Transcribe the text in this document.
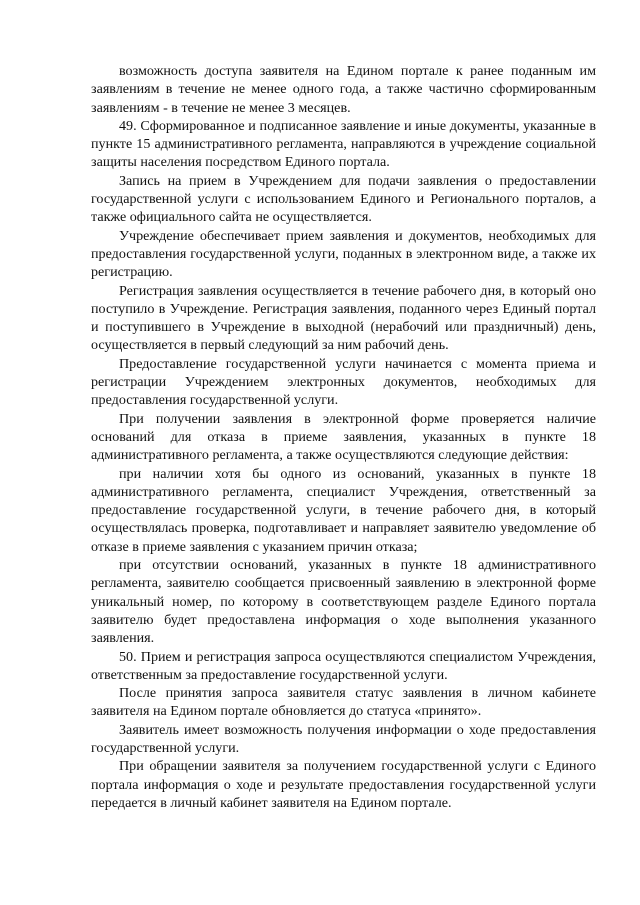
возможность доступа заявителя на Едином портале к ранее поданным им заявлениям в течение не менее одного года, а также частично сформированным заявлениям - в течение не менее 3 месяцев.

49. Сформированное и подписанное заявление и иные документы, указанные в пункте 15 административного регламента, направляются в учреждение социальной защиты населения посредством Единого портала.

Запись на прием в Учреждением для подачи заявления о предоставлении государственной услуги с использованием Единого и Регионального порталов, а также официального сайта не осуществляется.

Учреждение обеспечивает прием заявления и документов, необходимых для предоставления государственной услуги, поданных в электронном виде, а также их регистрацию.

Регистрация заявления осуществляется в течение рабочего дня, в который оно поступило в Учреждение. Регистрация заявления, поданного через Единый портал и поступившего в Учреждение в выходной (нерабочий или праздничный) день, осуществляется в первый следующий за ним рабочий день.

Предоставление государственной услуги начинается с момента приема и регистрации Учреждением электронных документов, необходимых для предоставления государственной услуги.

При получении заявления в электронной форме проверяется наличие оснований для отказа в приеме заявления, указанных в пункте 18 административного регламента, а также осуществляются следующие действия:

при наличии хотя бы одного из оснований, указанных в пункте 18 административного регламента, специалист Учреждения, ответственный за предоставление государственной услуги, в течение рабочего дня, в который осуществлялась проверка, подготавливает и направляет заявителю уведомление об отказе в приеме заявления с указанием причин отказа;

при отсутствии оснований, указанных в пункте 18 административного регламента, заявителю сообщается присвоенный заявлению в электронной форме уникальный номер, по которому в соответствующем разделе Единого портала заявителю будет предоставлена информация о ходе выполнения указанного заявления.

50. Прием и регистрация запроса осуществляются специалистом Учреждения, ответственным за предоставление государственной услуги.

После принятия запроса заявителя статус заявления в личном кабинете заявителя на Едином портале обновляется до статуса «принято».

Заявитель имеет возможность получения информации о ходе предоставления государственной услуги.

При обращении заявителя за получением государственной услуги с Единого портала информация о ходе и результате предоставления государственной услуги передается в личный кабинет заявителя на Едином портале.
